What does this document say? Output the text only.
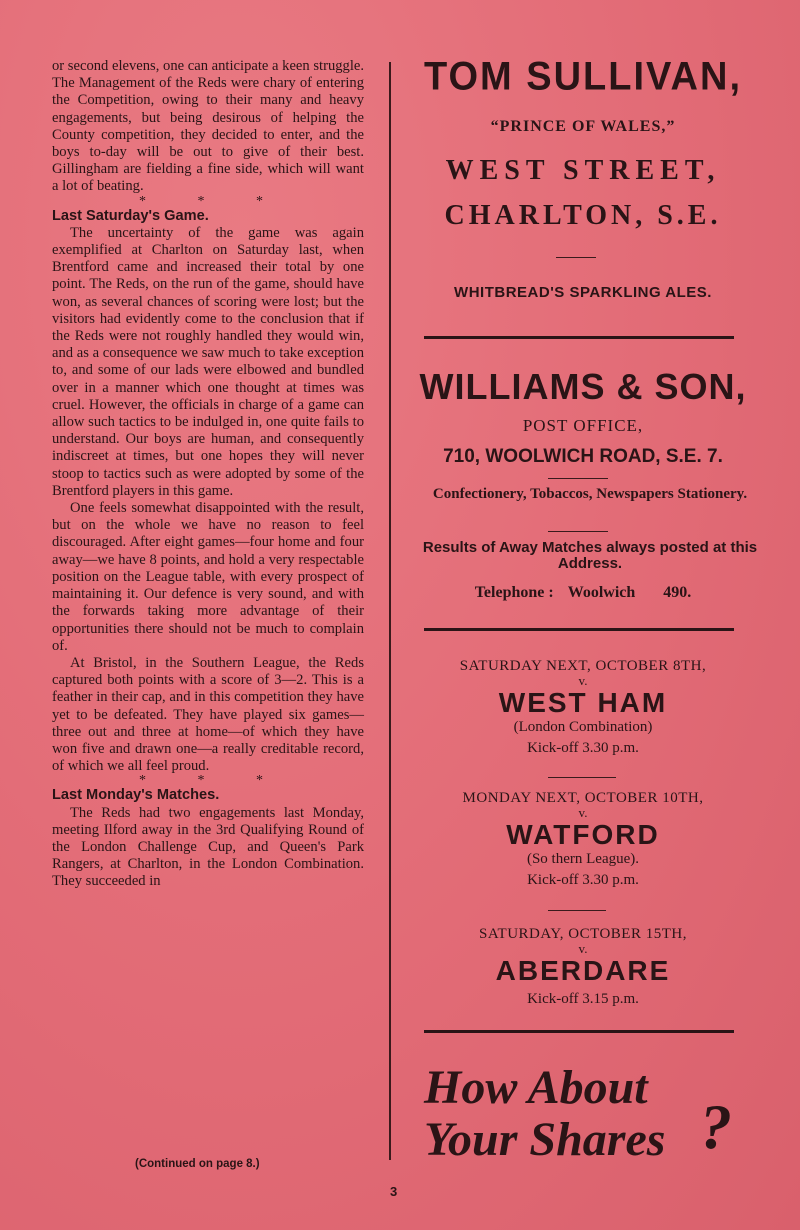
or second elevens, one can anticipate a keen struggle. The Management of the Reds were chary of entering the Competition, owing to their many and heavy engagements, but being desirous of helping the County competition, they decided to enter, and the boys to-day will be out to give of their best. Gillingham are fielding a fine side, which will want a lot of beating.

* * *

Last Saturday's Game.

The uncertainty of the game was again exemplified at Charlton on Saturday last, when Brentford came and increased their total by one point. The Reds, on the run of the game, should have won, as several chances of scoring were lost; but the visitors had evidently come to the conclusion that if the Reds were not roughly handled they would win, and as a consequence we saw much to take exception to, and some of our lads were elbowed and bundled over in a manner which one thought at times was cruel. However, the officials in charge of a game can allow such tactics to be indulged in, one quite fails to understand. Our boys are human, and consequently indiscreet at times, but one hopes they will never stoop to tactics such as were adopted by some of the Brentford players in this game.

One feels somewhat disappointed with the result, but on the whole we have no reason to feel discouraged. After eight games—four home and four away—we have 8 points, and hold a very respectable position on the League table, with every prospect of maintaining it. Our defence is very sound, and with the forwards taking more advantage of their opportunities there should not be much to complain of.

At Bristol, in the Southern League, the Reds captured both points with a score of 3—2. This is a feather in their cap, and in this competition they have yet to be defeated. They have played six games—three out and three at home—of which they have won five and drawn one—a really creditable record, of which we all feel proud.

* * *

Last Monday's Matches.

The Reds had two engagements last Monday, meeting Ilford away in the 3rd Qualifying Round of the London Challenge Cup, and Queen's Park Rangers, at Charlton, in the London Combination. They succeeded in

(Continued on page 8.)
3
TOM SULLIVAN,
“PRINCE OF WALES,”
WEST STREET,
CHARLTON, S.E.
WHITBREAD'S SPARKLING ALES.
WILLIAMS & SON,
POST OFFICE,
710, WOOLWICH ROAD, S.E. 7.
Confectionery, Tobaccos, Newspapers Stationery.
Results of Away Matches always posted at this Address.
Telephone : Woolwich 490.
SATURDAY NEXT, OCTOBER 8TH,
v.
WEST HAM
(London Combination)
Kick-off 3.30 p.m.
MONDAY NEXT, OCTOBER 10TH,
v.
WATFORD
(So thern League).
Kick-off 3.30 p.m.
SATURDAY, OCTOBER 15TH,
v.
ABERDARE
Kick-off 3.15 p.m.
How About
Your Shares ?
